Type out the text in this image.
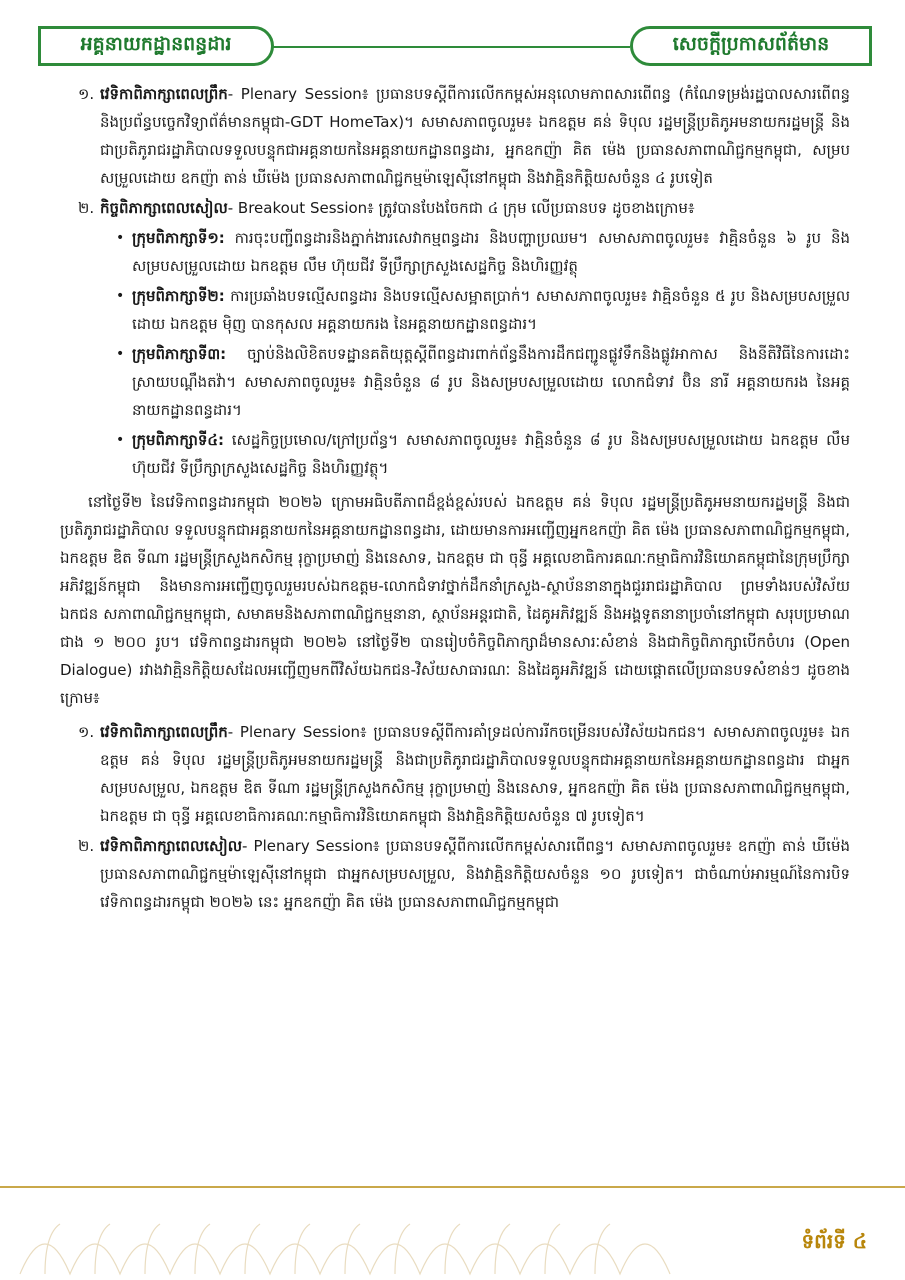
អគ្គនាយកដ្ឋានពន្ធដារ	សេចក្ដីប្រកាសព័ត៌មាន
១. វេទិកាពិភាក្សាពេលព្រឹក- Plenary Session៖ ប្រធានបទស្ដីពីការលើកកម្ពស់អនុលោមភាពសារពើពន្ធ (កំណែទម្រង់រដ្ឋបាលសារពើពន្ធ និងប្រព័ន្ធបច្ចេកវិទ្យាព័ត៌មានកម្ពុជា-GDT HomeTax)។ សមាសភាពចូលរួម៖ ឯកឧត្តម គន់ ទិបុល រដ្ឋមន្ត្រីប្រតិភូអមនាយករដ្ឋមន្ត្រី និងជាប្រតិភូរាជរដ្ឋាភិបាលទទួលបន្ទុកជាអគ្គនាយកនៃអគ្គនាយកដ្ឋានពន្ធដារ, អ្នកឧកញ៉ា គិត ម៉េង ប្រធានសភាពាណិជ្ជកម្មកម្ពុជា, សម្របសម្រួលដោយ ឧកញ៉ា តាន់ ឃីម៉េង ប្រធានសភាពាណិជ្ជកម្មម៉ាឡេស៊ីនៅកម្ពុជា និងវាគ្មិនកិត្តិយសចំនួន ៤ រូបទៀត
២. កិច្ចពិភាក្សាពេលសៀល- Breakout Session៖ ត្រូវបានបែងចែកជា ៤ ក្រុម លើប្រធានបទ ដូចខាងក្រោម៖
• ក្រុមពិភាក្សាទី១: ការចុះបញ្ជីពន្ធដារនិងភ្នាក់ងារសេវាកម្មពន្ធដារ និងបញ្ហាប្រឈម។ សមាសភាពចូលរួម៖ វាគ្មិនចំនួន ៦ រូប និងសម្របសម្រួលដោយ ឯកឧត្តម លឹម ហ៊ុយជីវ ទីប្រឹក្សាក្រសួងសេដ្ឋកិច្ច និងហិរញ្ញវត្ថុ
• ក្រុមពិភាក្សាទី២: ការប្រឆាំងបទល្មើសពន្ធដារ និងបទល្មើសសម្អាតប្រាក់។ សមាសភាពចូលរួម៖ វាគ្មិនចំនួន ៥ រូប និងសម្របសម្រួលដោយ ឯកឧត្តម ម៉ិញ បានកុសល អគ្គនាយករង នៃអគ្គនាយកដ្ឋានពន្ធដារ។
• ក្រុមពិភាក្សាទី៣: ច្បាប់និងលិខិតបទដ្ឋានគតិយុត្តស្ដីពីពន្ធដារពាក់ព័ន្ធនឹងការដឹកជញ្ជូនផ្លូវទឹកនិងផ្លូវអាកាស និងនីតិវិធីនៃការដោះស្រាយបណ្ដឹងតវ៉ា។ សមាសភាពចូលរួម៖ វាគ្មិនចំនួន ៨ រូប និងសម្របសម្រួលដោយ លោកជំទាវ ប៊ិន នារី អគ្គនាយករង នៃអគ្គនាយកដ្ឋានពន្ធដារ។
• ក្រុមពិភាក្សាទី៤: សេដ្ឋកិច្ចប្រមោល/ក្រៅប្រព័ន្ធ។ សមាសភាពចូលរួម៖ វាគ្មិនចំនួន ៨ រូប និងសម្របសម្រួលដោយ ឯកឧត្តម លឹម ហ៊ុយជីវ ទីប្រឹក្សាក្រសួងសេដ្ឋកិច្ច និងហិរញ្ញវត្ថុ។

នៅថ្ងៃទី២ នៃវេទិកាពន្ធដារកម្ពុជា ២០២៦ ក្រោមអធិបតីភាពដ៏ខ្ពង់ខ្ពស់របស់ ឯកឧត្តម គន់ ទិបុល រដ្ឋមន្ត្រីប្រតិភូអមនាយករដ្ឋមន្ត្រី និងជាប្រតិភូរាជរដ្ឋាភិបាល ទទួលបន្ទុកជាអគ្គនាយកនៃអគ្គនាយកដ្ឋានពន្ធដារ, ដោយមានការអញ្ជើញអ្នកឧកញ៉ា គិត ម៉េង ប្រធានសភាពាណិជ្ជកម្មកម្ពុជា, ឯកឧត្តម ឌិត ទីណា រដ្ឋមន្ត្រីក្រសួងកសិកម្ម រុក្ខាប្រមាញ់ និងនេសាទ, ឯកឧត្តម ជា ចុន្ធី អគ្គលេខាធិការគណៈកម្មាធិការវិនិយោគកម្ពុជានៃក្រុមប្រឹក្សាអភិវឌ្ឍន៍កម្ពុជា និងមានការអញ្ជើញចូលរួមរបស់ឯកឧត្តម-លោកជំទាវថ្នាក់ដឹកនាំក្រសួង-ស្ថាប័ននានាក្នុងជួររាជរដ្ឋាភិបាល ព្រមទាំងរបស់វិស័យឯកជន សភាពាណិជ្ជកម្មកម្ពុជា, សមាគមនិងសភាពាណិជ្ជកម្មនានា, ស្ថាប័នអន្តរជាតិ, ដៃគូអភិវឌ្ឍន៍ និងអង្គទូតនានាប្រចាំនៅកម្ពុជា សរុបប្រមាណជាង ១ ២០០ រូប។ វេទិកាពន្ធដារកម្ពុជា ២០២៦ នៅថ្ងៃទី២ បានរៀបចំកិច្ចពិភាក្សាដ៏មានសារៈសំខាន់ និងជាកិច្ចពិភាក្សាបើកចំហរ (Open Dialogue) រវាងវាគ្មិនកិត្តិយសដែលអញ្ជើញមកពីវិស័យឯកជន-វិស័យសាធារណៈ និងដៃគូអភិវឌ្ឍន៍ ដោយផ្ដោតលើប្រធានបទសំខាន់ៗ ដូចខាងក្រោម៖

១. វេទិកាពិភាក្សាពេលព្រឹក- Plenary Session៖ ប្រធានបទស្ដីពីការគាំទ្រដល់ការរីកចម្រើនរបស់វិស័យឯកជន។ សមាសភាពចូលរួម៖ ឯកឧត្តម គន់ ទិបុល រដ្ឋមន្ត្រីប្រតិភូអមនាយករដ្ឋមន្ត្រី និងជាប្រតិភូរាជរដ្ឋាភិបាលទទួលបន្ទុកជាអគ្គនាយកនៃអគ្គនាយកដ្ឋានពន្ធដារ ជាអ្នកសម្របសម្រួល, ឯកឧត្តម ឌិត ទីណា រដ្ឋមន្ត្រីក្រសួងកសិកម្ម រុក្ខាប្រមាញ់ និងនេសាទ, អ្នកឧកញ៉ា គិត ម៉េង ប្រធានសភាពាណិជ្ជកម្មកម្ពុជា, ឯកឧត្តម ជា ចុន្ធី អគ្គលេខាធិការគណៈកម្មាធិការវិនិយោគកម្ពុជា និងវាគ្មិនកិត្តិយសចំនួន ៧ រូបទៀត។
២. វេទិកាពិភាក្សាពេលសៀល- Plenary Session៖ ប្រធានបទស្ដីពីការលើកកម្ពស់សារពើពន្ធ។ សមាសភាពចូលរួម៖ ឧកញ៉ា តាន់ ឃីម៉េង ប្រធានសភាពាណិជ្ជកម្មម៉ាឡេស៊ីនៅកម្ពុជា ជាអ្នកសម្របសម្រួល, និងវាគ្មិនកិត្តិយសចំនួន ១០ រូបទៀត។ ជាចំណាប់អារម្មណ៍នៃការបិទវេទិកាពន្ធដារកម្ពុជា ២០២៦ នេះ អ្នកឧកញ៉ា គិត ម៉េង ប្រធានសភាពាណិជ្ជកម្មកម្ពុជា
ទំព័រទី ៤
